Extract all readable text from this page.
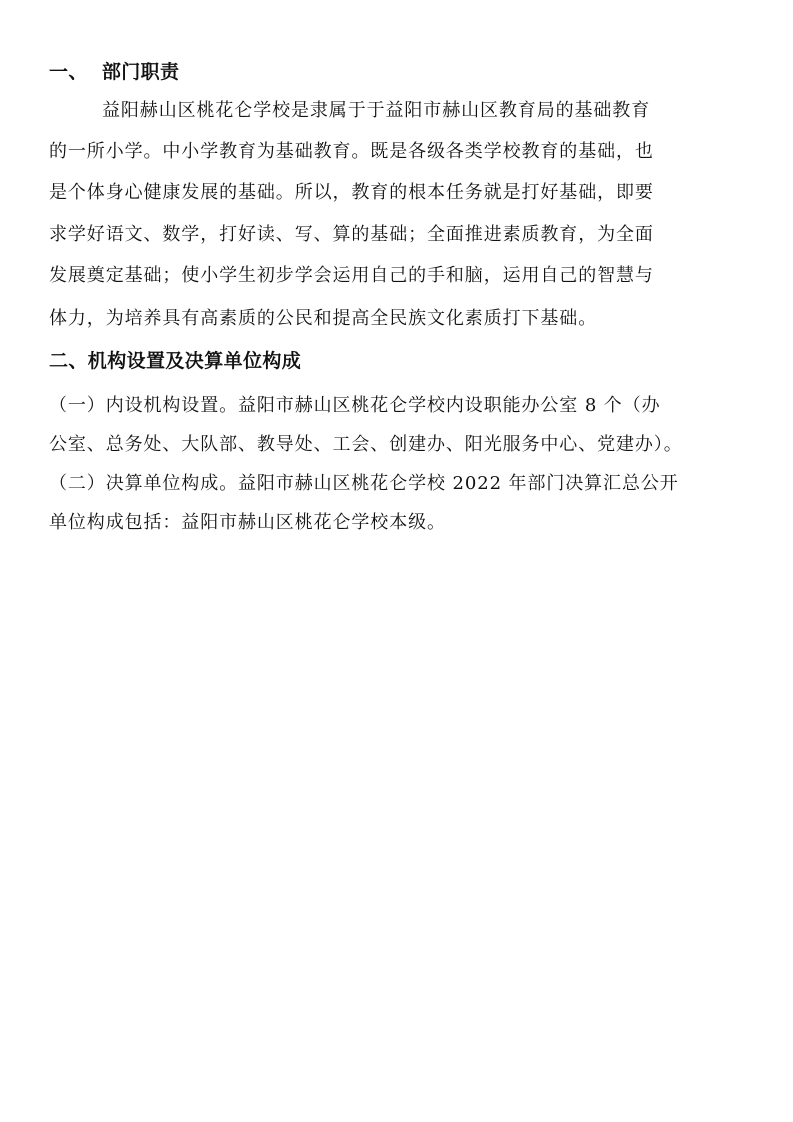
一、 部门职责
益阳赫山区桃花仑学校是隶属于于益阳市赫山区教育局的基础教育
的一所小学。中小学教育为基础教育。既是各级各类学校教育的基础，也
是个体身心健康发展的基础。所以，教育的根本任务就是打好基础，即要
求学好语文、数学，打好读、写、算的基础；全面推进素质教育，为全面
发展奠定基础；使小学生初步学会运用自己的手和脑，运用自己的智慧与
体力，为培养具有高素质的公民和提高全民族文化素质打下基础。
二、机构设置及决算单位构成
（一）内设机构设置。益阳市赫山区桃花仑学校内设职能办公室 8 个（办
公室、总务处、大队部、教导处、工会、创建办、阳光服务中心、党建办）。
（二）决算单位构成。益阳市赫山区桃花仑学校 2022 年部门决算汇总公开
单位构成包括：益阳市赫山区桃花仑学校本级。
